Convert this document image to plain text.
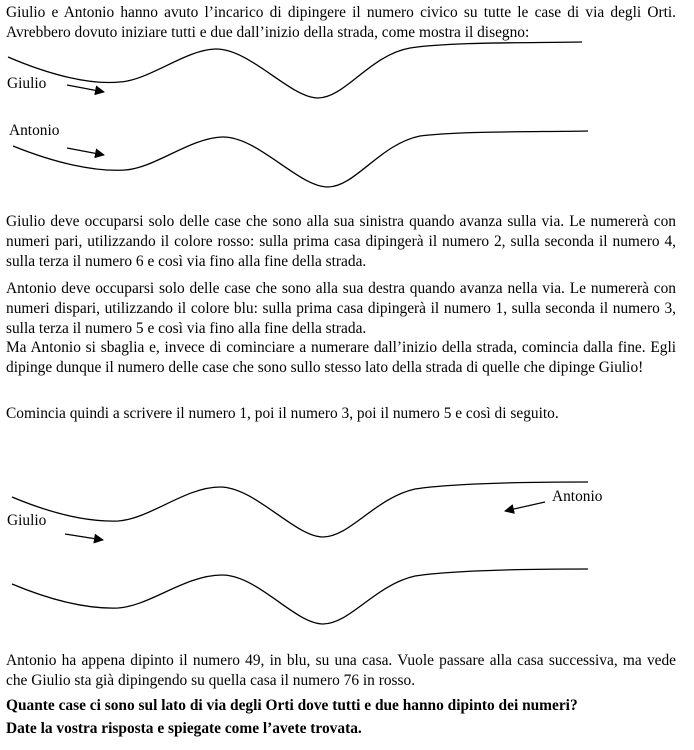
Giulio e Antonio hanno avuto l’incarico di dipingere il numero civico su tutte le case di via degli Orti. Avrebbero dovuto iniziare tutti e due dall’inizio della strada, come mostra il disegno:

Giulio
Antonio

Giulio deve occuparsi solo delle case che sono alla sua sinistra quando avanza sulla via. Le numererà con numeri pari, utilizzando il colore rosso: sulla prima casa dipingerà il numero 2, sulla seconda il numero 4, sulla terza il numero 6 e così via fino alla fine della strada.

Antonio deve occuparsi solo delle case che sono alla sua destra quando avanza nella via. Le numererà con numeri dispari, utilizzando il colore blu: sulla prima casa dipingerà il numero 1, sulla seconda il numero 3, sulla terza il numero 5 e così via fino alla fine della strada.

Ma Antonio si sbaglia e, invece di cominciare a numerare dall’inizio della strada, comincia dalla fine. Egli dipinge dunque il numero delle case che sono sullo stesso lato della strada di quelle che dipinge Giulio!

Comincia quindi a scrivere il numero 1, poi il numero 3, poi il numero 5 e così di seguito.

Giulio
Antonio

Antonio ha appena dipinto il numero 49, in blu, su una casa. Vuole passare alla casa successiva, ma vede che Giulio sta già dipingendo su quella casa il numero 76 in rosso.

Quante case ci sono sul lato di via degli Orti dove tutti e due hanno dipinto dei numeri?

Date la vostra risposta e spiegate come l’avete trovata.
